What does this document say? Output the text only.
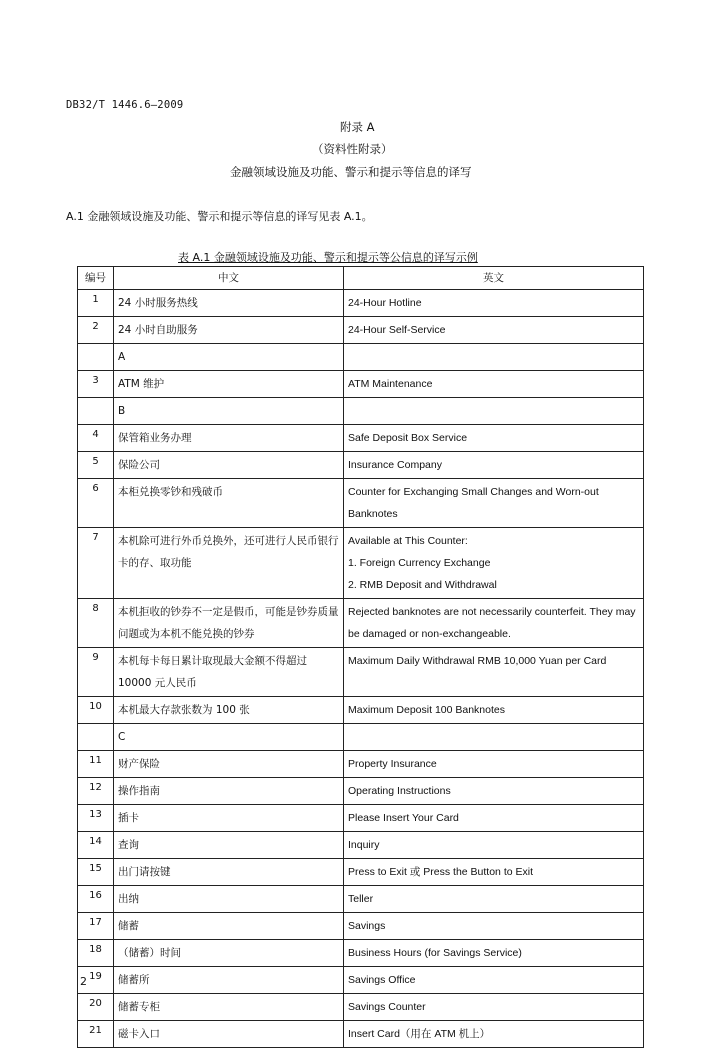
DB32/T 1446.6—2009
附录 A
（资料性附录）
金融领域设施及功能、警示和提示等信息的译写
A.1 金融领域设施及功能、警示和提示等信息的译写见表 A.1。
表 A.1 金融领域设施及功能、警示和提示等公信息的译写示例
编号	中文	英文
1	24 小时服务热线	24-Hour Hotline
2	24 小时自助服务	24-Hour Self-Service
	A	
3	ATM 维护	ATM Maintenance
	B	
4	保管箱业务办理	Safe Deposit Box Service
5	保险公司	Insurance Company
6	本柜兑换零钞和残破币	Counter for Exchanging Small Changes and Worn-out Banknotes
7	本机除可进行外币兑换外，还可进行人民币银行卡的存、取功能	Available at This Counter:
1. Foreign Currency Exchange
2. RMB Deposit and Withdrawal
8	本机拒收的钞券不一定是假币，可能是钞券质量问题或为本机不能兑换的钞券	Rejected banknotes are not necessarily counterfeit. They may be damaged or non-exchangeable.
9	本机每卡每日累计取现最大金额不得超过 10000 元人民币	Maximum Daily Withdrawal RMB 10,000 Yuan per Card
10	本机最大存款张数为 100 张	Maximum Deposit 100 Banknotes
	C	
11	财产保险	Property Insurance
12	操作指南	Operating Instructions
13	插卡	Please Insert Your Card
14	查询	Inquiry
15	出门请按键	Press to Exit 或 Press the Button to Exit
16	出纳	Teller
17	储蓄	Savings
18	（储蓄）时间	Business Hours (for Savings Service)
19	储蓄所	Savings Office
20	储蓄专柜	Savings Counter
21	磁卡入口	Insert Card（用在 ATM 机上）
2
